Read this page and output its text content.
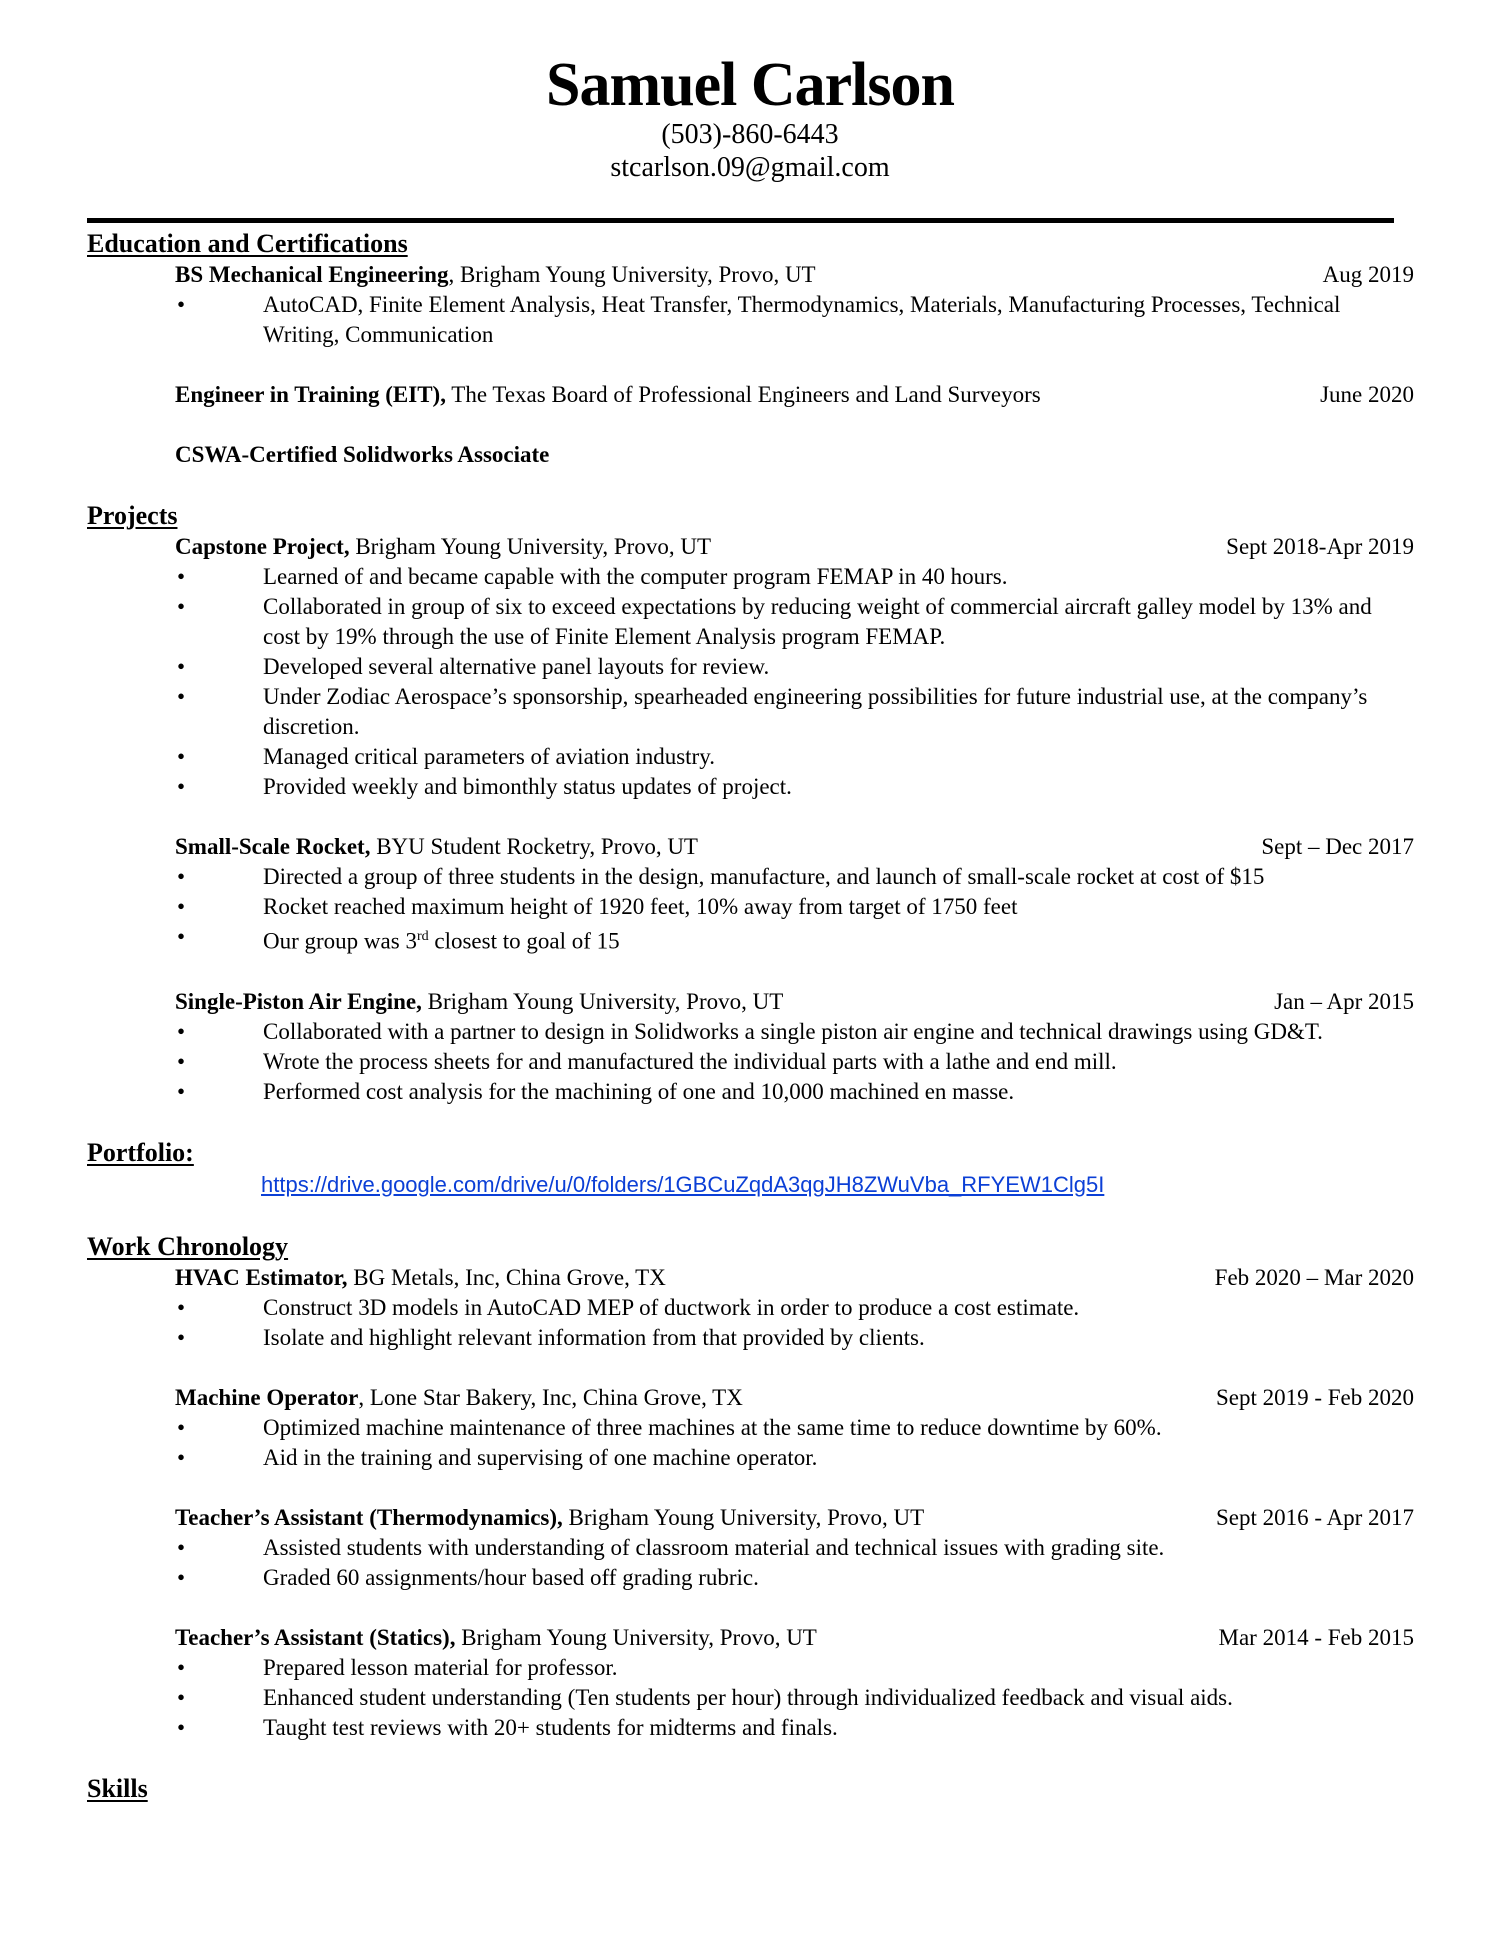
Samuel Carlson
(503)-860-6443
stcarlson.09@gmail.com
Education and Certifications
BS Mechanical Engineering, Brigham Young University, Provo, UT	Aug 2019
•	AutoCAD, Finite Element Analysis, Heat Transfer, Thermodynamics, Materials, Manufacturing Processes, Technical Writing, Communication
Engineer in Training (EIT), The Texas Board of Professional Engineers and Land Surveyors	June 2020
CSWA-Certified Solidworks Associate
Projects
Capstone Project, Brigham Young University, Provo, UT	Sept 2018-Apr 2019
•	Learned of and became capable with the computer program FEMAP in 40 hours.
•	Collaborated in group of six to exceed expectations by reducing weight of commercial aircraft galley model by 13% and cost by 19% through the use of Finite Element Analysis program FEMAP.
•	Developed several alternative panel layouts for review.
•	Under Zodiac Aerospace’s sponsorship, spearheaded engineering possibilities for future industrial use, at the company’s discretion.
•	Managed critical parameters of aviation industry.
•	Provided weekly and bimonthly status updates of project.
Small-Scale Rocket, BYU Student Rocketry, Provo, UT	Sept – Dec 2017
•	Directed a group of three students in the design, manufacture, and launch of small-scale rocket at cost of $15
•	Rocket reached maximum height of 1920 feet, 10% away from target of 1750 feet
•	Our group was 3rd closest to goal of 15
Single-Piston Air Engine, Brigham Young University, Provo, UT	Jan – Apr 2015
•	Collaborated with a partner to design in Solidworks a single piston air engine and technical drawings using GD&T.
•	Wrote the process sheets for and manufactured the individual parts with a lathe and end mill.
•	Performed cost analysis for the machining of one and 10,000 machined en masse.
Portfolio:
https://drive.google.com/drive/u/0/folders/1GBCuZqdA3qgJH8ZWuVba_RFYEW1Clg5I
Work Chronology
HVAC Estimator, BG Metals, Inc, China Grove, TX	Feb 2020 – Mar 2020
•	Construct 3D models in AutoCAD MEP of ductwork in order to produce a cost estimate.
•	Isolate and highlight relevant information from that provided by clients.
Machine Operator, Lone Star Bakery, Inc, China Grove, TX	Sept 2019 - Feb 2020
•	Optimized machine maintenance of three machines at the same time to reduce downtime by 60%.
•	Aid in the training and supervising of one machine operator.
Teacher’s Assistant (Thermodynamics), Brigham Young University, Provo, UT	Sept 2016 - Apr 2017
•	Assisted students with understanding of classroom material and technical issues with grading site.
•	Graded 60 assignments/hour based off grading rubric.
Teacher’s Assistant (Statics), Brigham Young University, Provo, UT	Mar 2014 - Feb 2015
•	Prepared lesson material for professor.
•	Enhanced student understanding (Ten students per hour) through individualized feedback and visual aids.
•	Taught test reviews with 20+ students for midterms and finals.
Skills
